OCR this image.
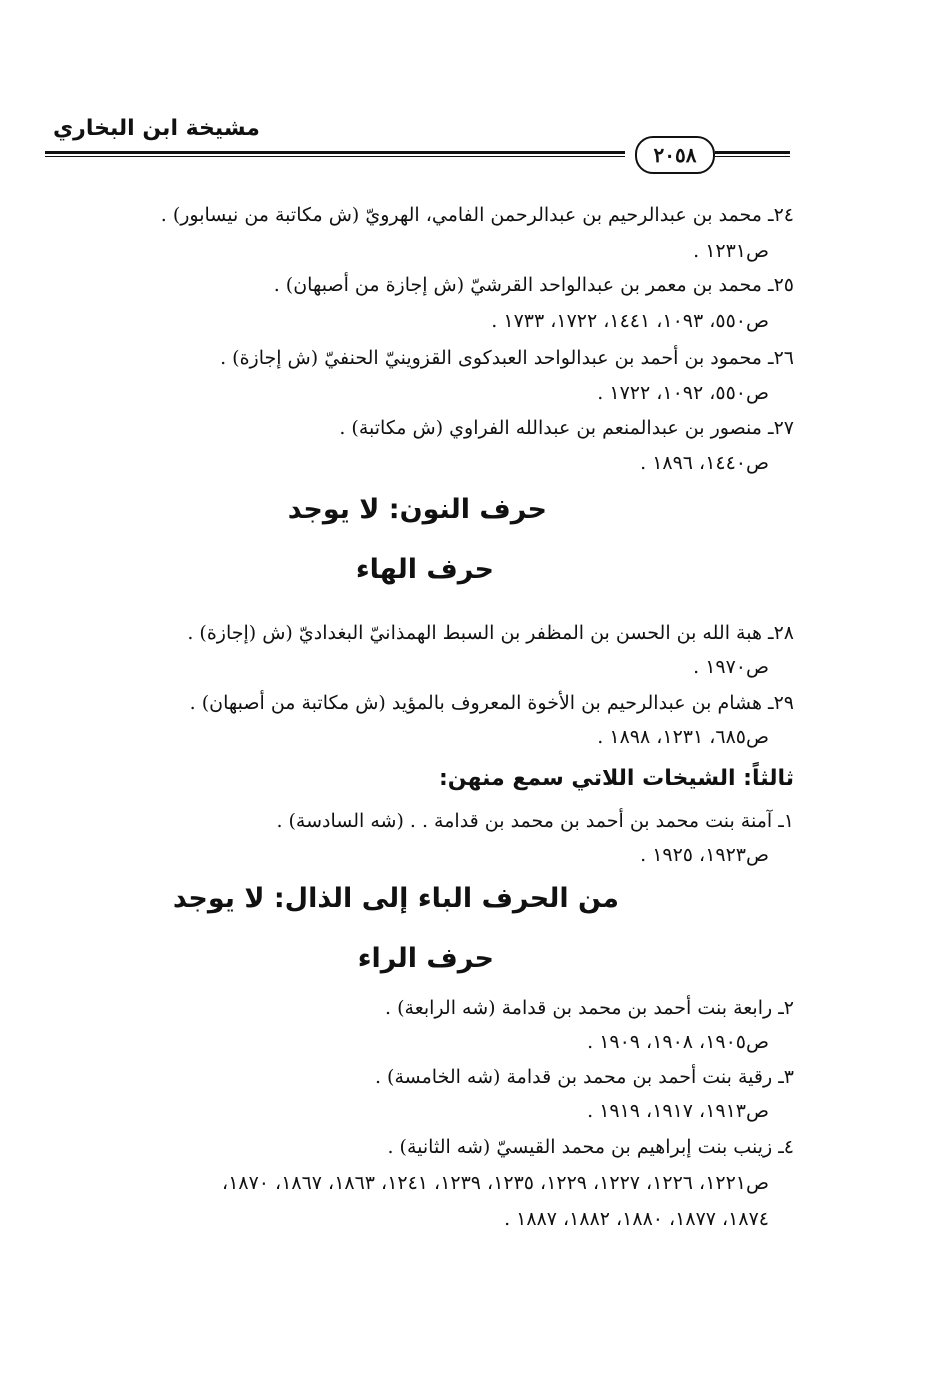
مشيخة ابن البخاري
٢٠٥٨
٢٤ـ محمد بن عبدالرحيم بن عبدالرحمن الفامي، الهرويّ (ش مكاتبة من نيسابور) .
ص١٢٣١ .
٢٥ـ محمد بن معمر بن عبدالواحد القرشيّ (ش إجازة من أصبهان) .
ص٥٥٠، ١٠٩٣، ١٤٤١، ١٧٢٢، ١٧٣٣ .
٢٦ـ محمود بن أحمد بن عبدالواحد العبدكوى القزوينيّ الحنفيّ (ش إجازة) .
ص٥٥٠، ١٠٩٢، ١٧٢٢ .
٢٧ـ منصور بن عبدالمنعم بن عبدالله الفراوي (ش مكاتبة) .
ص١٤٤٠، ١٨٩٦ .
حرف النون: لا يوجد
حرف الهاء
٢٨ـ هبة الله بن الحسن بن المظفر بن السبط الهمذانيّ البغداديّ (ش (إجازة) .
ص١٩٧٠ .
٢٩ـ هشام بن عبدالرحيم بن الأخوة المعروف بالمؤيد (ش مكاتبة من أصبهان) .
ص٦٨٥، ١٢٣١، ١٨٩٨ .
ثالثاً: الشيخات اللاتي سمع منهن:
١ـ آمنة بنت محمد بن أحمد بن محمد بن قدامة . . (شه السادسة) .
ص١٩٢٣، ١٩٢٥ .
من الحرف الباء إلى الذال: لا يوجد
حرف الراء
٢ـ رابعة بنت أحمد بن محمد بن قدامة (شه الرابعة) .
ص١٩٠٥، ١٩٠٨، ١٩٠٩ .
٣ـ رقية بنت أحمد بن محمد بن قدامة (شه الخامسة) .
ص١٩١٣، ١٩١٧، ١٩١٩ .
٤ـ زينب بنت إبراهيم بن محمد القيسيّ (شه الثانية) .
ص١٢٢١، ١٢٢٦، ١٢٢٧، ١٢٢٩، ١٢٣٥، ١٢٣٩، ١٢٤١، ١٨٦٣، ١٨٦٧، ١٨٧٠،
١٨٧٤، ١٨٧٧، ١٨٨٠، ١٨٨٢، ١٨٨٧ .
